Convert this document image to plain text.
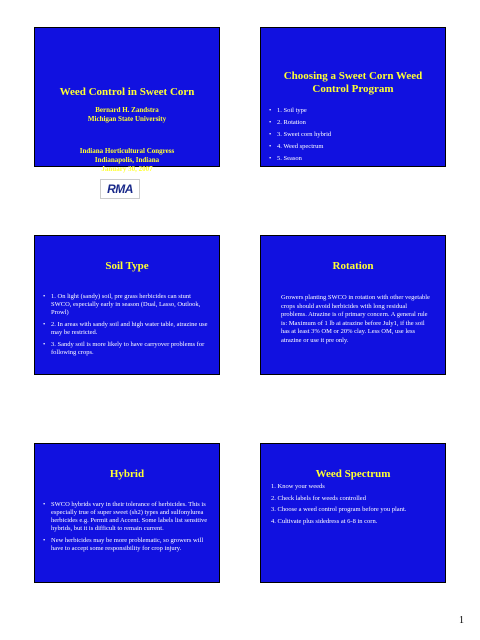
Weed Control in Sweet Corn
Bernard H. Zandstra
Michigan State University
Indiana Horticultural Congress
Indianapolis, Indiana
January 30, 2007
RMA
Choosing a Sweet Corn Weed Control Program
• 1. Soil type
• 2. Rotation
• 3. Sweet corn hybrid
• 4. Weed spectrum
• 5. Season
Soil Type
• 1. On light (sandy) soil, pre grass herbicides can stunt SWCO, especially early in season (Dual, Lasso, Outlook, Prowl)
• 2. In areas with sandy soil and high water table, atrazine use may be restricted.
• 3. Sandy soil is more likely to have carryover problems for following crops.
Rotation
Growers planting SWCO in rotation with other vegetable crops should avoid herbicides with long residual problems. Atrazine is of primary concern. A general rule is: Maximum of 1 lb ai atrazine before July1, if the soil has at least 3% OM or 20% clay. Less OM, use less atrazine or use it pre only.
Hybrid
• SWCO hybrids vary in their tolerance of herbicides. This is especially true of super sweet (sh2) types and sulfonylurea herbicides e.g. Permit and Accent. Some labels list sensitive hybrids, but it is difficult to remain current.
• New herbicides may be more problematic, so growers will have to accept some responsibility for crop injury.
Weed Spectrum
1. Know your weeds
2. Check labels for weeds controlled
3. Choose a weed control program before you plant.
4. Cultivate plus sidedress at 6-8 in corn.
1
